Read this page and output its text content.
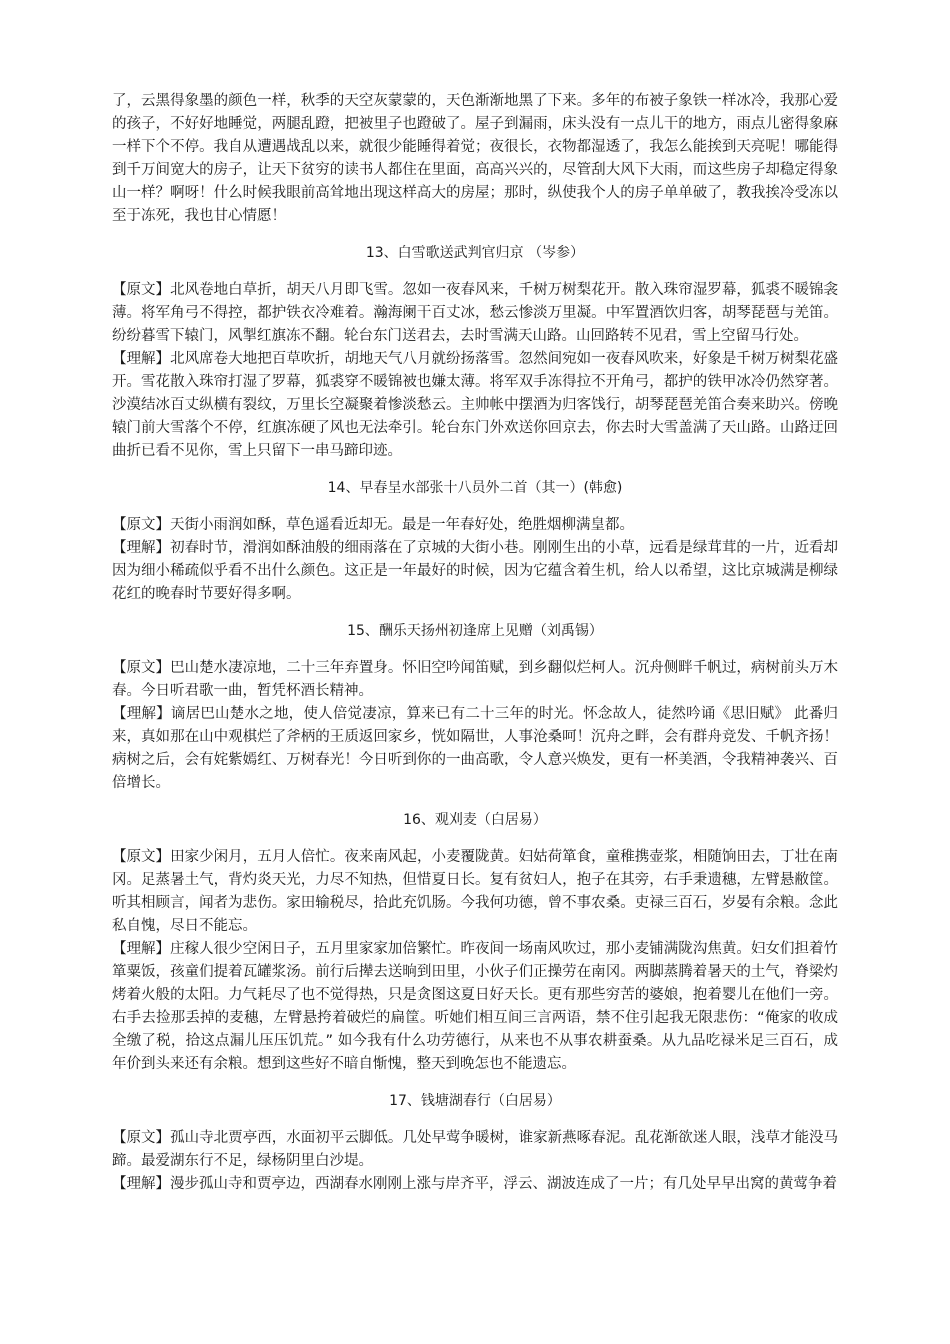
了，云黑得象墨的颜色一样，秋季的天空灰蒙蒙的，天色渐渐地黑了下来。多年的布被子象铁一样冰冷，我那心爱的孩子，不好好地睡觉，两腿乱蹬，把被里子也蹬破了。屋子到漏雨，床头没有一点儿干的地方，雨点儿密得象麻一样下个不停。我自从遭遇战乱以来，就很少能睡得着觉；夜很长，衣物都湿透了，我怎么能挨到天亮呢！哪能得到千万间宽大的房子，让天下贫穷的读书人都住在里面，高高兴兴的，尽管刮大风下大雨，而这些房子却稳定得象山一样？啊呀！什么时候我眼前高耸地出现这样高大的房屋；那时，纵使我个人的房子单单破了，教我挨冷受冻以至于冻死，我也甘心情愿！

13、白雪歌送武判官归京 （岑参）

【原文】北风卷地白草折，胡天八月即飞雪。忽如一夜春风来，千树万树梨花开。散入珠帘湿罗幕，狐裘不暖锦衾薄。将军角弓不得控，都护铁衣冷难着。瀚海阑干百丈冰，愁云惨淡万里凝。中军置酒饮归客，胡琴琵琶与羌笛。纷纷暮雪下辕门，风掣红旗冻不翻。轮台东门送君去，去时雪满天山路。山回路转不见君，雪上空留马行处。

【理解】北风席卷大地把百草吹折，胡地天气八月就纷扬落雪。忽然间宛如一夜春风吹来，好象是千树万树梨花盛开。雪花散入珠帘打湿了罗幕，狐裘穿不暖锦被也嫌太薄。将军双手冻得拉不开角弓，都护的铁甲冰冷仍然穿著。沙漠结冰百丈纵横有裂纹，万里长空凝聚着惨淡愁云。主帅帐中摆酒为归客饯行，胡琴琵琶羌笛合奏来助兴。傍晚辕门前大雪落个不停，红旗冻硬了风也无法牵引。轮台东门外欢送你回京去，你去时大雪盖满了天山路。山路迂回曲折已看不见你，雪上只留下一串马蹄印迹。

14、早春呈水部张十八员外二首（其一）(韩愈)

【原文】天街小雨润如酥，草色遥看近却无。最是一年春好处，绝胜烟柳满皇都。

【理解】初春时节，滑润如酥油般的细雨落在了京城的大街小巷。刚刚生出的小草，远看是绿茸茸的一片，近看却因为细小稀疏似乎看不出什么颜色。这正是一年最好的时候，因为它蕴含着生机，给人以希望，这比京城满是柳绿花红的晚春时节要好得多啊。

15、酬乐天扬州初逢席上见赠（刘禹锡）

【原文】巴山楚水凄凉地，二十三年弃置身。怀旧空吟闻笛赋，到乡翻似烂柯人。沉舟侧畔千帆过，病树前头万木春。今日听君歌一曲，暂凭杯酒长精神。

【理解】谪居巴山楚水之地，使人倍觉凄凉，算来已有二十三年的时光。怀念故人，徒然吟诵《思旧赋》 此番归来，真如那在山中观棋烂了斧柄的王质返回家乡，恍如隔世，人事沧桑呵！沉舟之畔，会有群舟竞发、千帆齐扬！病树之后，会有姹紫嫣红、万树春光！今日听到你的一曲高歌，令人意兴焕发，更有一杯美酒，令我精神袭兴、百倍增长。

16、观刈麦（白居易）

【原文】田家少闲月，五月人倍忙。夜来南风起，小麦覆陇黄。妇姑荷箪食，童稚携壶浆，相随饷田去，丁壮在南冈。足蒸暑土气，背灼炎天光，力尽不知热，但惜夏日长。复有贫妇人，抱子在其旁，右手秉遗穗，左臂悬敝筐。听其相顾言，闻者为悲伤。家田输税尽，拾此充饥肠。今我何功德，曾不事农桑。吏禄三百石，岁晏有余粮。念此私自愧，尽日不能忘。

【理解】庄稼人很少空闲日子，五月里家家加倍繁忙。昨夜间一场南风吹过，那小麦铺满陇沟焦黄。妇女们担着竹箪粟饭，孩童们提着瓦罐浆汤。前行后撵去送晌到田里，小伙子们正操劳在南冈。两脚蒸腾着暑天的土气，脊梁灼烤着火般的太阳。力气耗尽了也不觉得热，只是贪图这夏日好天长。更有那些穷苦的婆娘，抱着婴儿在他们一旁。右手去捡那丢掉的麦穗，左臂悬挎着破烂的扁筐。听她们相互间三言两语，禁不住引起我无限悲伤：“俺家的收成全缴了税，拾这点漏儿压压饥荒。” 如今我有什么功劳德行，从来也不从事农耕蚕桑。从九品吃禄米足三百石，成年价到头来还有余粮。想到这些好不暗自惭愧，整天到晚怎也不能遗忘。

17、钱塘湖春行（白居易）

【原文】孤山寺北贾亭西，水面初平云脚低。几处早莺争暖树，谁家新燕啄春泥。乱花渐欲迷人眼，浅草才能没马蹄。最爱湖东行不足，绿杨阴里白沙堤。

【理解】漫步孤山寺和贾亭边，西湖春水刚刚上涨与岸齐平，浮云、湖波连成了一片；有几处早早出窝的黄莺争着
